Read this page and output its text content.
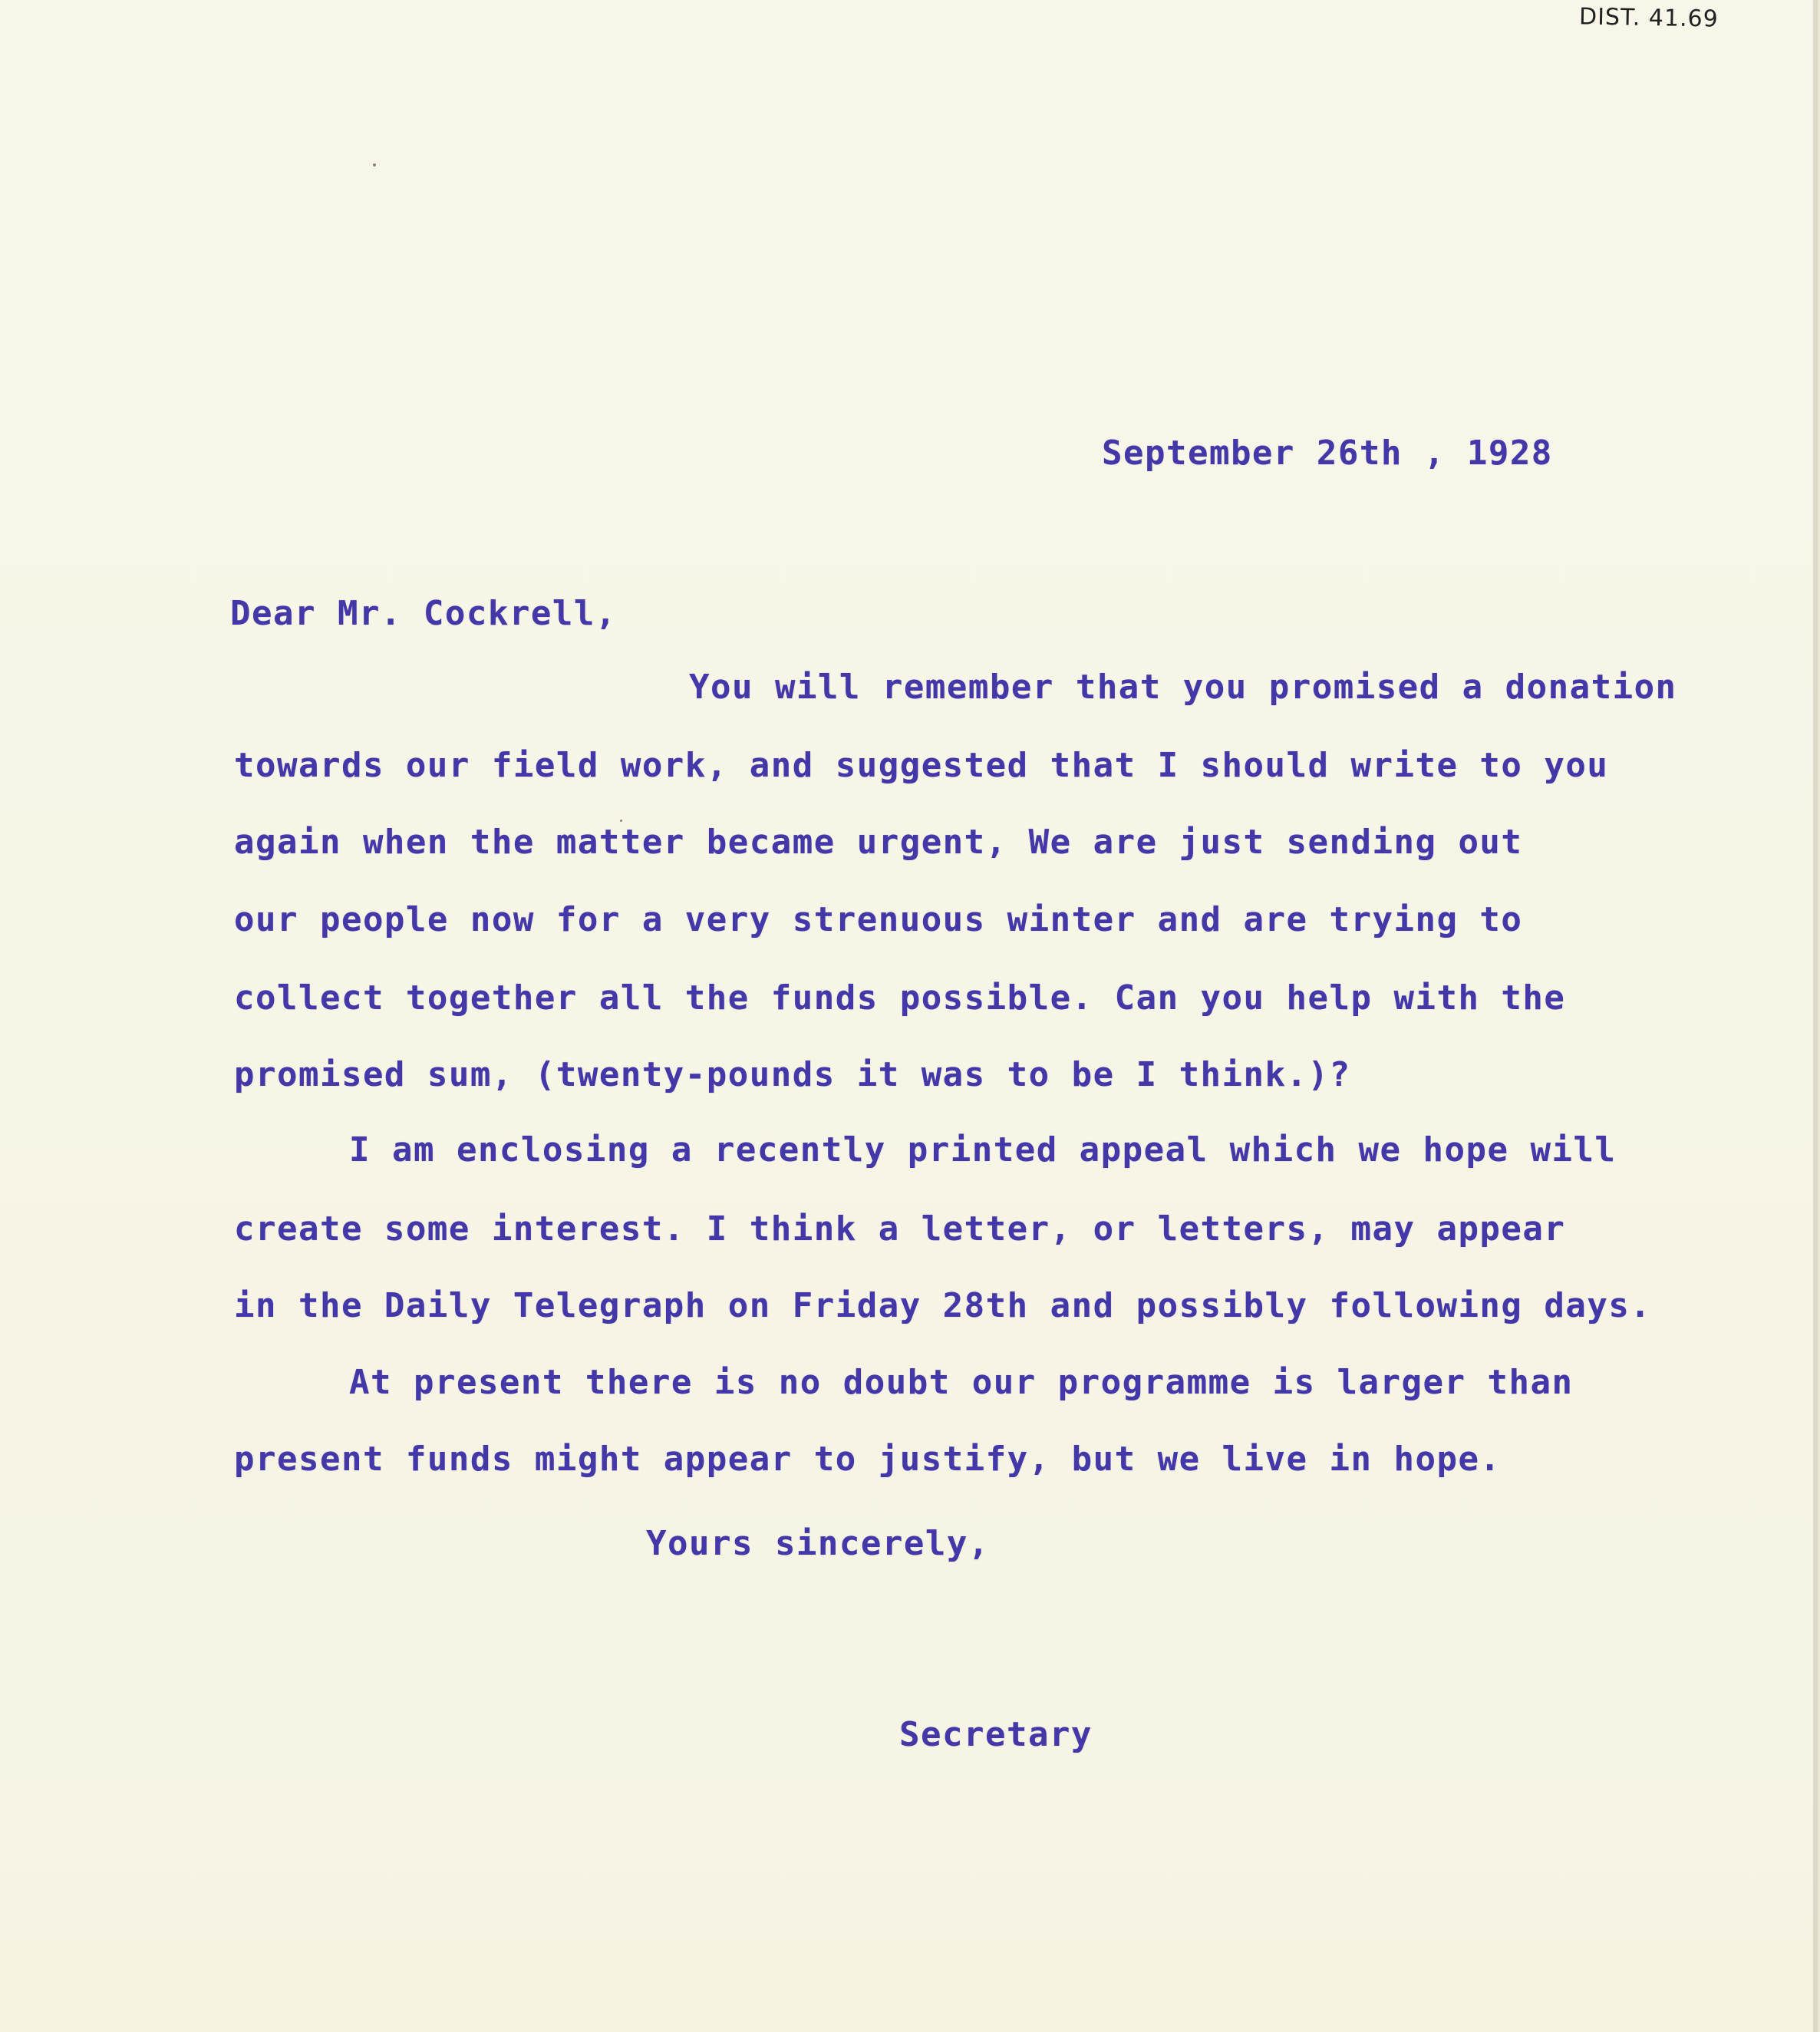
DIST. 41.69
September 26th , 1928
Dear Mr. Cockrell,
You will remember that you promised a donation
towards our field work, and suggested that I should write to you
again when the matter became urgent, We are just sending out
our people now for a very strenuous winter and are trying to
collect together all the funds possible. Can you help with the
promised sum, (twenty-pounds it was to be I think.)?
I am enclosing a recently printed appeal which we hope will
create some interest. I think a letter, or letters, may appear
in the Daily Telegraph on Friday 28th and possibly following days.
At present there is no doubt our programme is larger than
present funds might appear to justify, but we live in hope.
Yours sincerely,
Secretary
